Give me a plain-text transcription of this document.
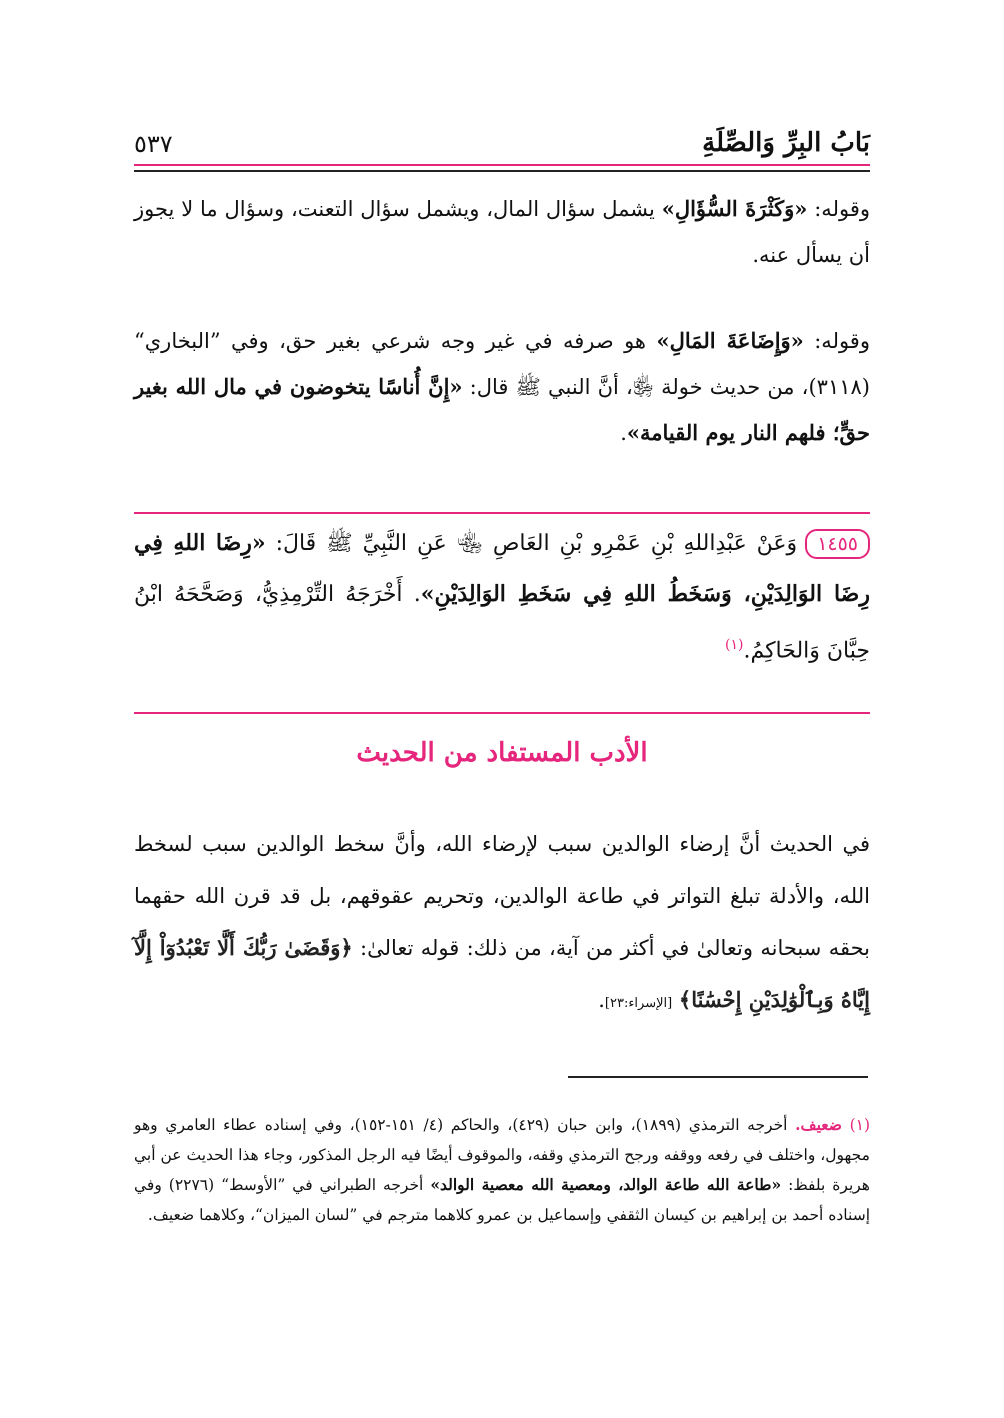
بَابُ البِرِّ وَالصِّلَةِ
٥٣٧
وقوله: «وَكَثْرَةَ السُّؤَالِ» يشمل سؤال المال، ويشمل سؤال التعنت، وسؤال ما لا يجوز أن يسأل عنه.
وقوله: «وَإِضَاعَةَ المَالِ» هو صرفه في غير وجه شرعي بغير حق، وفي ”البخاري“ (٣١١٨)، من حديث خولة ﵂، أنَّ النبي ﷺ قال: «إِنَّ أُناسًا يتخوضون في مال الله بغير حقٍّ؛ فلهم النار يوم القيامة».
١٤٥٥وَعَنْ عَبْدِاللهِ بْنِ عَمْرِو بْنِ العَاصِ ﵄ عَنِ النَّبِيِّ ﷺ قَالَ: «رِضَا اللهِ فِي رِضَا الوَالِدَيْنِ، وَسَخَطُ اللهِ فِي سَخَطِ الوَالِدَيْنِ». أَخْرَجَهُ التِّرْمِذِيُّ، وَصَحَّحَهُ ابْنُ حِبَّانَ وَالحَاكِمُ.$^{(١)}$
الأدب المستفاد من الحديث
في الحديث أنَّ إرضاء الوالدين سبب لإرضاء الله، وأنَّ سخط الوالدين سبب لسخط الله، والأدلة تبلغ التواتر في طاعة الوالدين، وتحريم عقوقهم، بل قد قرن الله حقهما بحقه سبحانه وتعالىٰ في أكثر من آية، من ذلك: قوله تعالىٰ: ﴿وَقَضَىٰ رَبُّكَ أَلَّا تَعْبُدُوٓاْ إِلَّآ إِيَّاهُ وَبِٱلْوَٰلِدَيْنِ إِحْسَٰنًا﴾ [الإسراء:٢٣].
(١) ضعيف. أخرجه الترمذي (١٨٩٩)، وابن حبان (٤٢٩)، والحاكم (٤/ ١٥١-١٥٢)، وفي إسناده عطاء العامري وهو مجهول، واختلف في رفعه ووقفه ورجح الترمذي وقفه، والموقوف أيضًا فيه الرجل المذكور، وجاء هذا الحديث عن أبي هريرة بلفظ: «طاعة الله طاعة الوالد، ومعصية الله معصية الوالد» أخرجه الطبراني في ”الأوسط“ (٢٢٧٦) وفي إسناده أحمد بن إبراهيم بن كيسان الثقفي وإسماعيل بن عمرو كلاهما مترجم في ”لسان الميزان“، وكلاهما ضعيف.
